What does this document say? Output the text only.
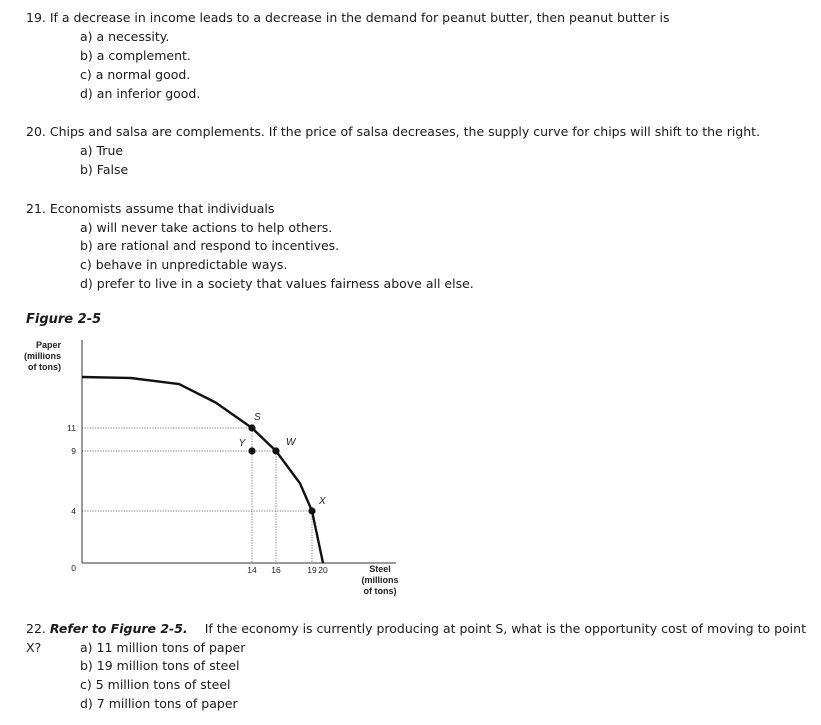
19. If a decrease in income leads to a decrease in the demand for peanut butter, then peanut butter is
a) a necessity.
b) a complement.
c) a normal good.
d) an inferior good.
20. Chips and salsa are complements. If the price of salsa decreases, the supply curve for chips will shift to the right.
a) True
b) False
21. Economists assume that individuals
a) will never take actions to help others.
b) are rational and respond to incentives.
c) behave in unpredictable ways.
d) prefer to live in a society that values fairness above all else.
Figure 2-5
Paper
(millions
of tons)
Steel
(millions
of tons)
11
9
4
0	14 16	19 20
S
Y	W
X
22. Refer to Figure 2-5. If the economy is currently producing at point S, what is the opportunity cost of moving to point X?	a) 11 million tons of paper
b) 19 million tons of steel
c) 5 million tons of steel
d) 7 million tons of paper
